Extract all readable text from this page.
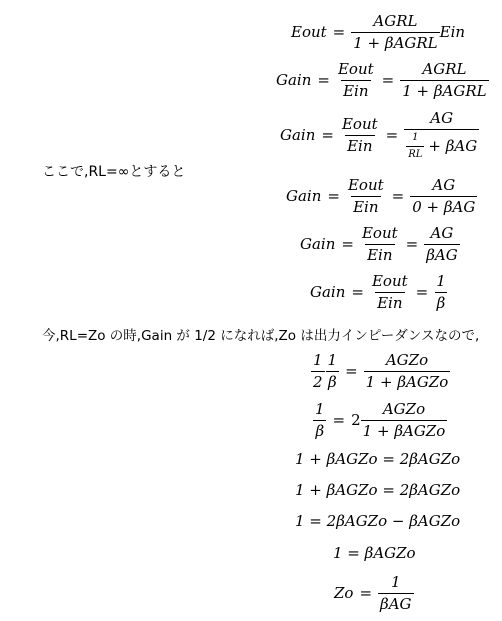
Eout = $\frac{\text{AGRL}}{\text{1 + βAGRL}}$ Ein
Gain = $\frac{\text{Eout}}{\text{Ein}} = \frac{\text{AGRL}}{\text{1 + βAGRL}}$
Gain = $\frac{\text{Eout}}{\text{Ein}} = \frac{AG}{\frac{1}{RL} + \beta AG}$
ここで,RL=∞とすると
Gain = $\frac{\text{Eout}}{\text{Ein}} = \frac{AG}{\text{0 + βAG}}$
Gain = $\frac{\text{Eout}}{\text{Ein}} = \frac{AG}{\text{βAG}}$
Gain = $\frac{\text{Eout}}{\text{Ein}} = \frac{1}{\beta}$
今,RL=Zo の時,Gain が 1/2 になれば,Zo は出力インピーダンスなので,
$\frac{1}{2} \frac{1}{\beta} = \frac{\text{AGZo}}{\text{1 + βAGZo}}$
$\frac{1}{\beta} = 2 \frac{\text{AGZo}}{\text{1 + βAGZo}}$
1 + βAGZo = 2βAGZo
1 + βAGZo = 2βAGZo
1 = 2βAGZo − βAGZo
1 = βAGZo
$Zo = \frac{1}{\text{βAG}}$
